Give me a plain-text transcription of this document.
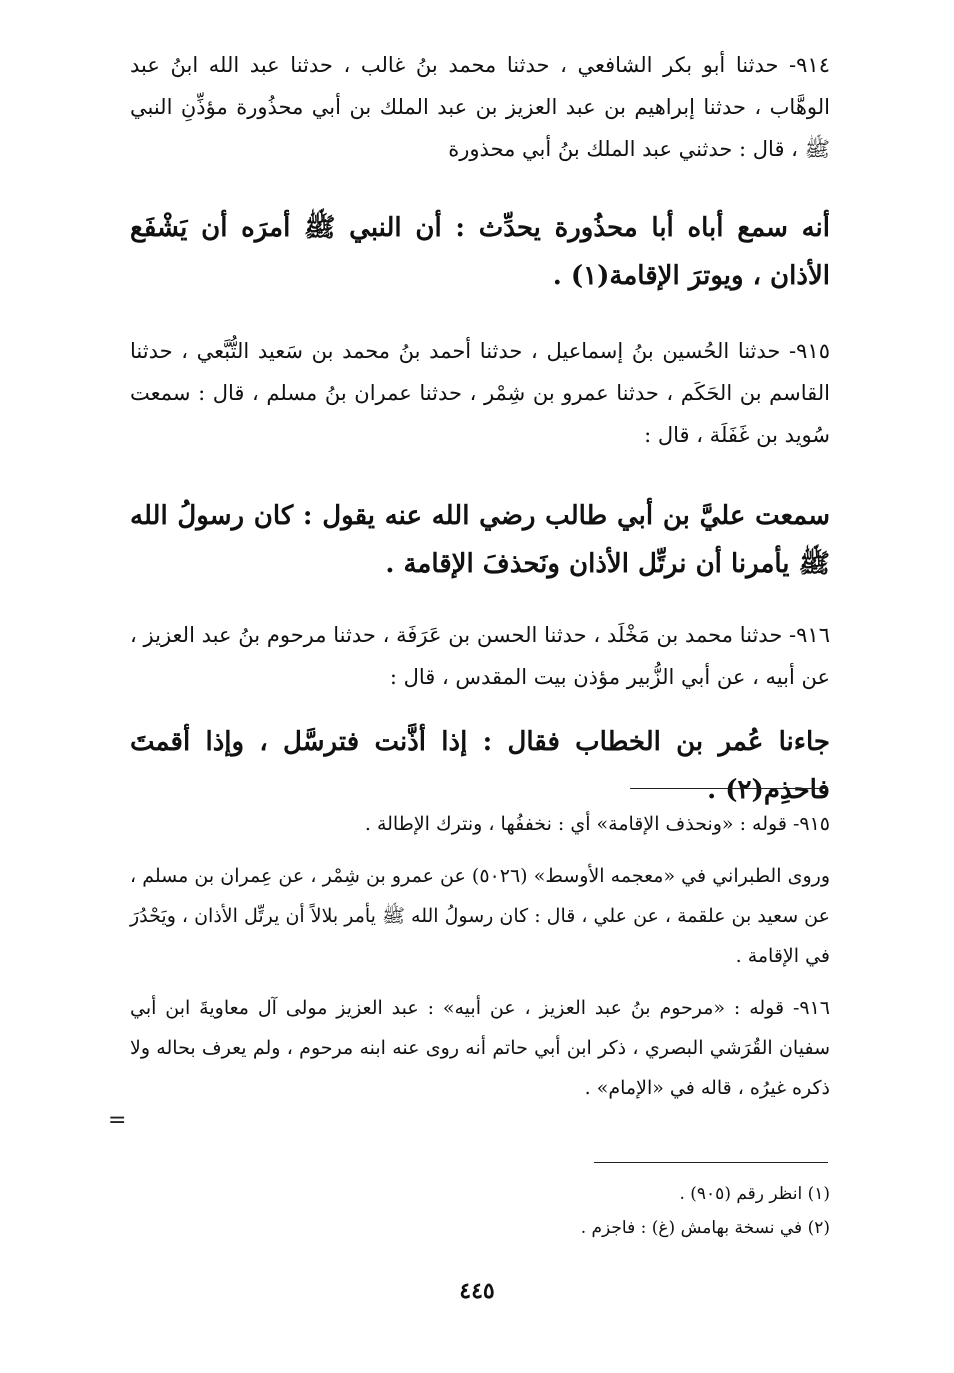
٩١٤- حدثنا أبو بكر الشافعي ، حدثنا محمد بنُ غالب ، حدثنا عبد الله ابنُ عبد الوهَّاب ، حدثنا إبراهيم بن عبد العزيز بن عبد الملك بن أبي محذُورة مؤذِّنِ النبي ﷺ ، قال : حدثني عبد الملك بنُ أبي محذورة

أنه سمع أباه أبا محذُورة يحدِّث : أن النبي ﷺ أمرَه أن يَشْفَع الأذان ، ويوترَ الإقامة(١) .

٩١٥- حدثنا الحُسين بنُ إسماعيل ، حدثنا أحمد بنُ محمد بن سَعيد التُّبَّعي ، حدثنا القاسم بن الحَكَم ، حدثنا عمرو بن شِمْر ، حدثنا عمران بنُ مسلم ، قال : سمعت سُويد بن غَفَلَة ، قال :

سمعت عليَّ بن أبي طالب رضي الله عنه يقول : كان رسولُ الله ﷺ يأمرنا أن نرتِّل الأذان ونَحذفَ الإقامة .

٩١٦- حدثنا محمد بن مَخْلَد ، حدثنا الحسن بن عَرَفَة ، حدثنا مرحوم بنُ عبد العزيز ، عن أبيه ، عن أبي الزُّبير مؤذن بيت المقدس ، قال :

جاءنا عُمر بن الخطاب فقال : إذا أذَّنت فترسَّل ، وإذا أقمتَ فاحذِم(٢) .

٩١٥- قوله : «ونحذف الإقامة» أي : نخففُها ، ونترك الإطالة .

وروى الطبراني في «معجمه الأوسط» (٥٠٢٦) عن عمرو بن شِمْر ، عن عِمران بن مسلم ، عن سعيد بن علقمة ، عن علي ، قال : كان رسولُ الله ﷺ يأمر بلالاً أن يرتِّل الأذان ، ويَحْدُرَ في الإقامة .

٩١٦- قوله : «مرحوم بنُ عبد العزيز ، عن أبيه» : عبد العزيز مولى آل معاويةَ ابن أبي سفيان القُرَشي البصري ، ذكر ابن أبي حاتم أنه روى عنه ابنه مرحوم ، ولم يعرف بحاله ولا ذكره غيرُه ، قاله في «الإمام» .

=

(١) انظر رقم (٩٠٥) .

(٢) في نسخة بهامش (غ) : فاجزم .

٤٤٥
